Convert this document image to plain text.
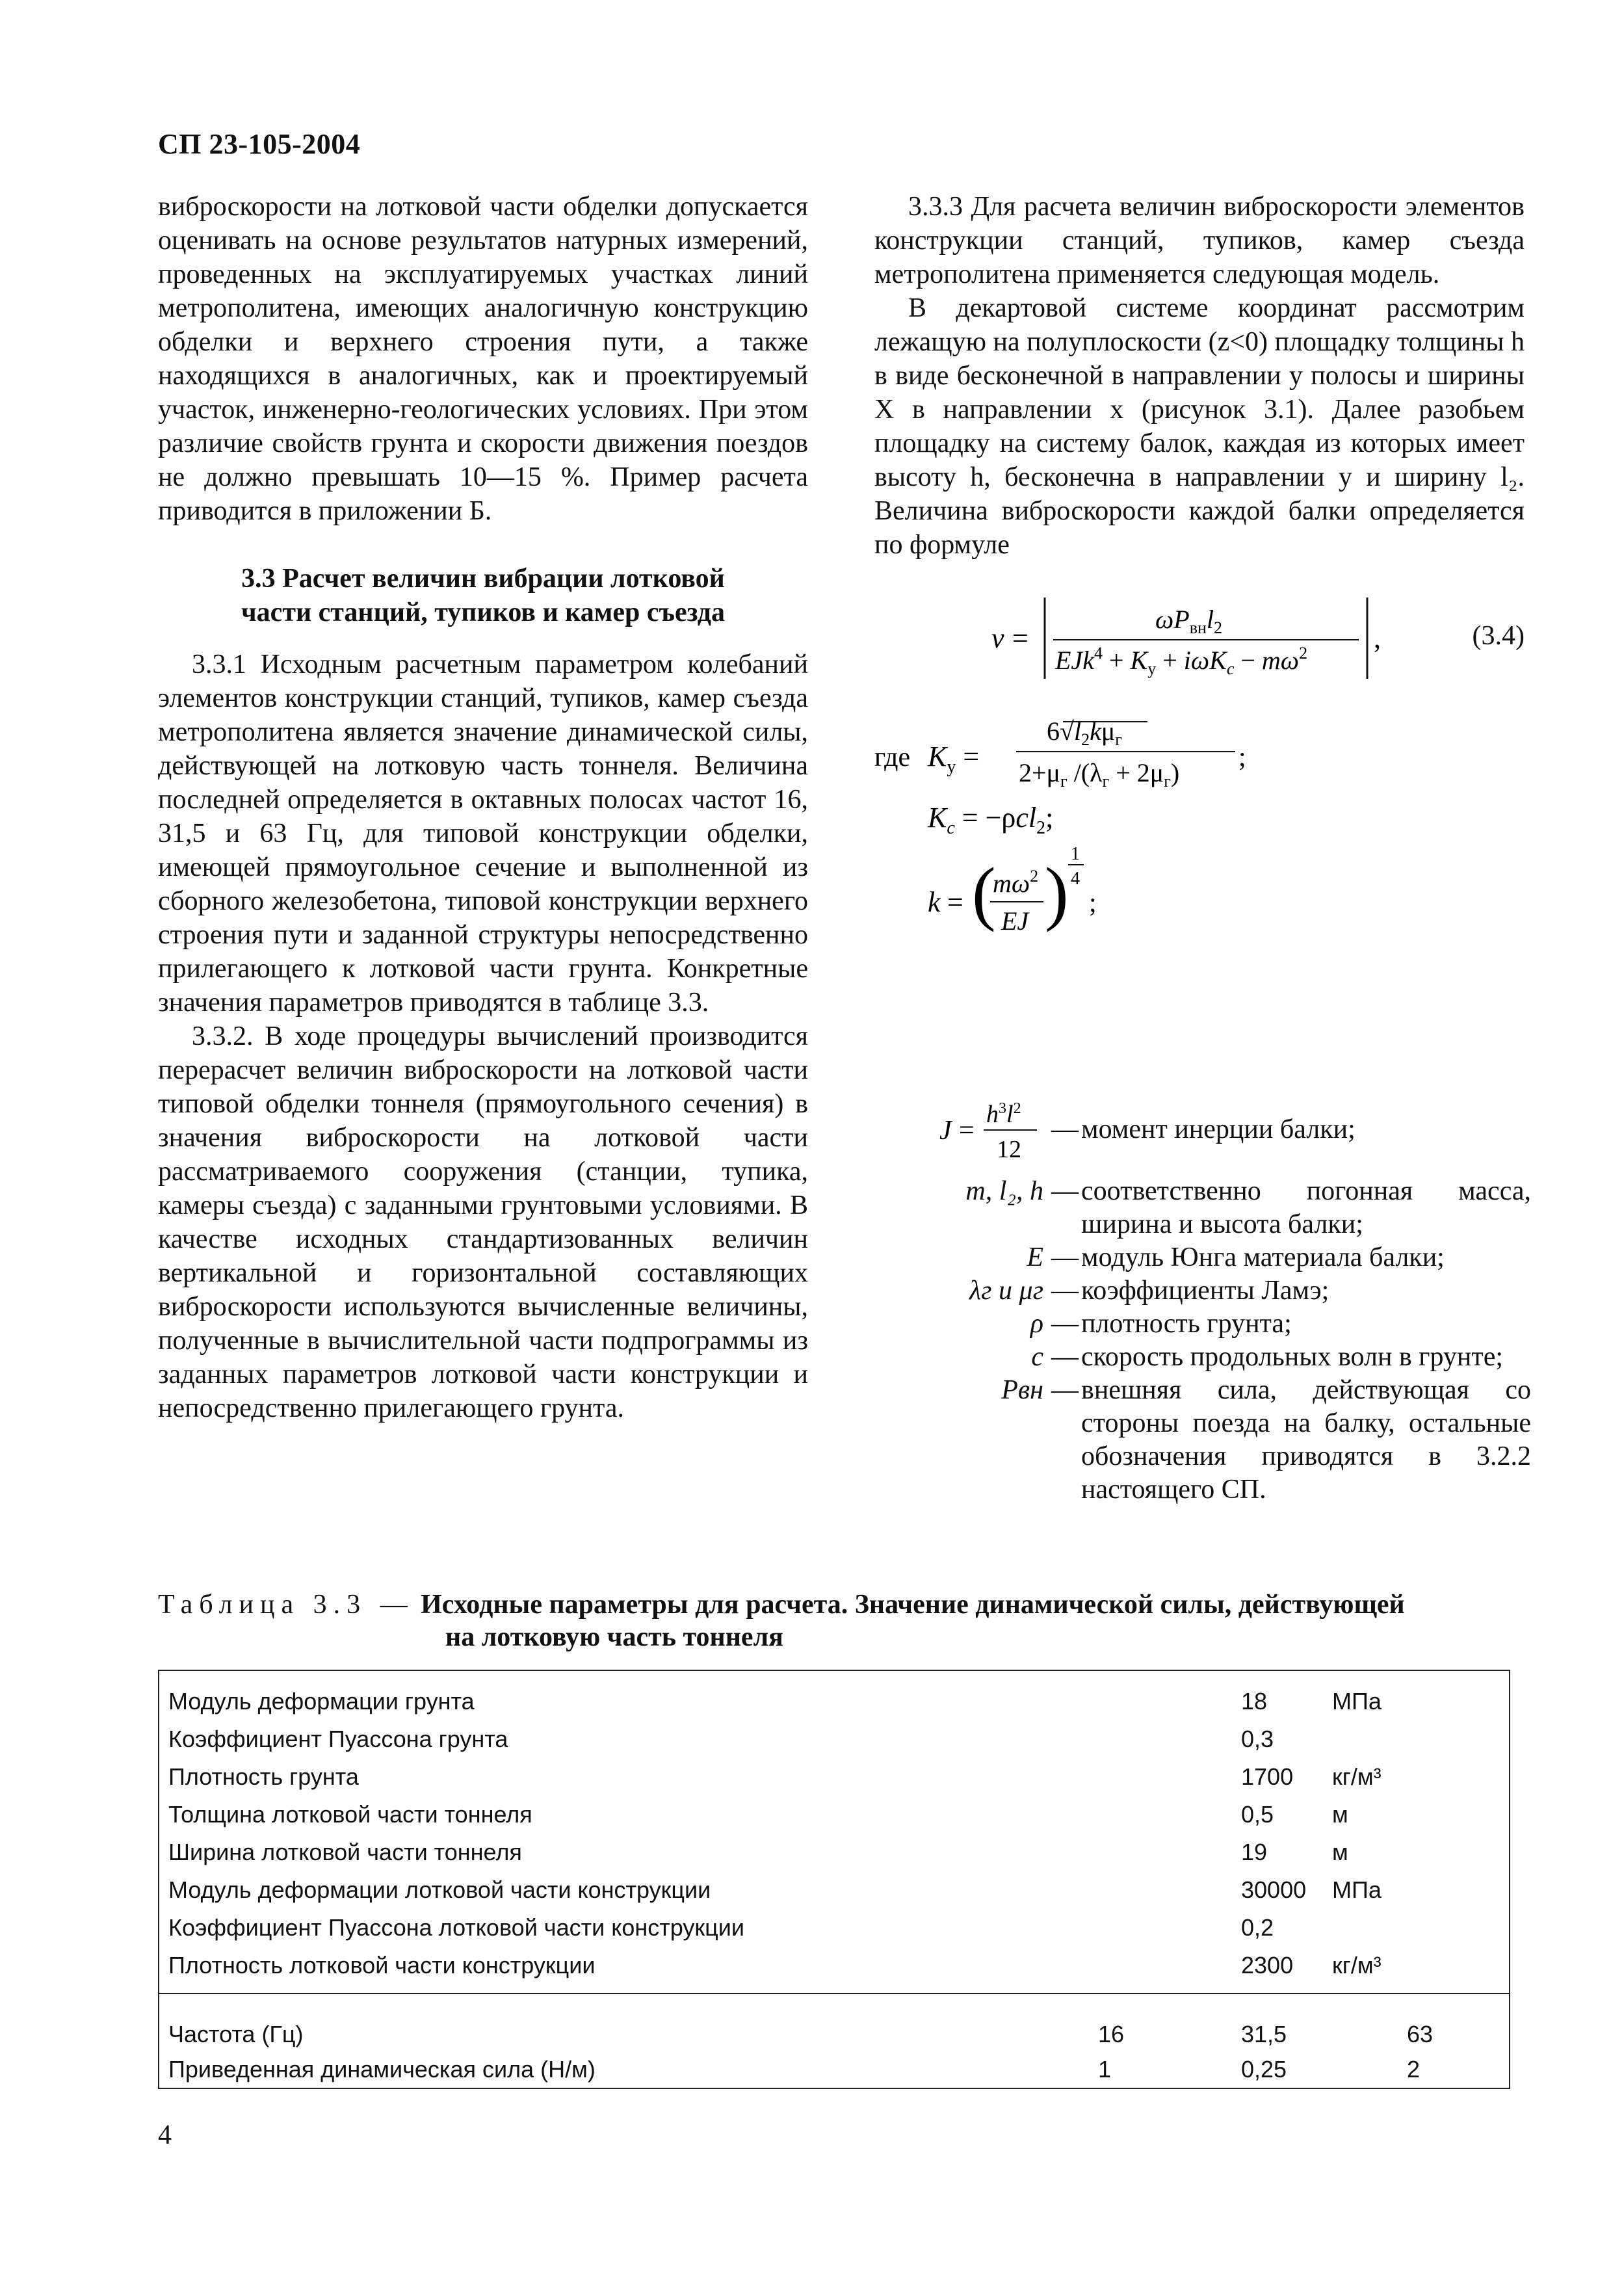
СП 23-105-2004

виброскорости на лотковой части обделки допускается оценивать на основе результатов натурных измерений, проведенных на эксплуатируемых участках линий метрополитена, имеющих аналогичную конструкцию обделки и верхнего строения пути, а также находящихся в аналогичных, как и проектируемый участок, инженерно-геологических условиях. При этом различие свойств грунта и скорости движения поездов не должно превышать 10—15 %. Пример расчета приводится в приложении Б.

3.3 Расчет величин вибрации лотковой
части станций, тупиков и камер съезда

3.3.1 Исходным расчетным параметром колебаний элементов конструкции станций, тупиков, камер съезда метрополитена является значение динамической силы, действующей на лотковую часть тоннеля. Величина последней определяется в октавных полосах частот 16, 31,5 и 63 Гц, для типовой конструкции обделки, имеющей прямоугольное сечение и выполненной из сборного железобетона, типовой конструкции верхнего строения пути и заданной структуры непосредственно прилегающего к лотковой части грунта. Конкретные значения параметров приводятся в таблице 3.3.

3.3.2. В ходе процедуры вычислений производится перерасчет величин виброскорости на лотковой части типовой обделки тоннеля (прямоугольного сечения) в значения виброскорости на лотковой части рассматриваемого сооружения (станции, тупика, камеры съезда) с заданными грунтовыми условиями. В качестве исходных стандартизованных величин вертикальной и горизонтальной составляющих виброскорости используются вычисленные величины, полученные в вычислительной части подпрограммы из заданных параметров лотковой части конструкции и непосредственно прилегающего грунта.

3.3.3 Для расчета величин виброскорости элементов конструкции станций, тупиков, камер съезда метрополитена применяется следующая модель.

В декартовой системе координат рассмотрим лежащую на полуплоскости (z<0) площадку толщины h в виде бесконечной в направлении y полосы и ширины X в направлении x (рисунок 3.1). Далее разобьем площадку на систему балок, каждая из которых имеет высоту h, бесконечна в направлении y и ширину l₂. Величина виброскорости каждой балки определяется по формуле

v =
$\omega P_{вн}l_2$
$EJk^4 + K_у + i\omega K_c - m\omega^2$ ,	(3.4)
где $K_у$ =
$6√l_2k\mu_г$
$2+\mu_г$ $/(\lambda_г + 2\mu_г)$
;
$K_c = -\rho cl_2$;
k = (
$m\omega^2$
EJ ) 1
4
;
J =
$h^3l^2$
12
— момент инерции балки;
m, l₂, h — соответственно погонная масса, ширина и высота балки;
E — модуль Юнга материала балки;
λг и μг — коэффициенты Ламэ;
ρ — плотность грунта;
c — скорость продольных волн в грунте;
Pвн — внешняя сила, действующая со стороны поезда на балку, остальные обозначения приводятся в 3.2.2 настоящего СП.
Таблица 3.3 — Исходные параметры для расчета. Значение динамической силы, действующей
на лотковую часть тоннеля
Модуль деформации грунта	18	МПа
Коэффициент Пуассона грунта	0,3
Плотность грунта	1700 кг/м³
Толщина лотковой части тоннеля	0,5 м
Ширина лотковой части тоннеля	19	м
Модуль деформации лотковой части конструкции	30000 МПа
Коэффициент Пуассона лотковой части конструкции	0,2
Плотность лотковой части конструкции	2300 кг/м³
Частота (Гц)	16	31,5	63
Приведенная динамическая сила (Н/м)	1	0,25	2
4
